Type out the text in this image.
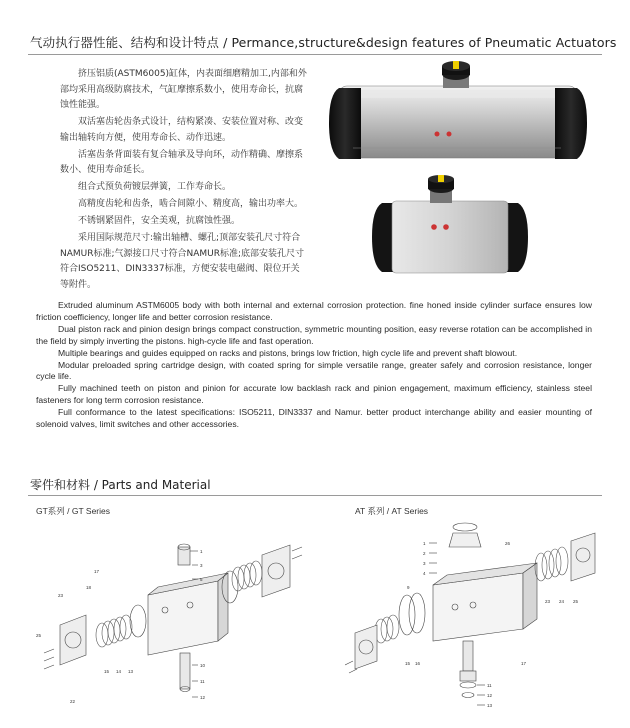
气动执行器性能、结构和设计特点 / Permance,structure&design features of Pneumatic Actuators

挤压铝质(ASTM6005)缸体，内表面细磨精加工,内部和外部均采用高级防腐技术，气缸摩擦系数小，使用寿命长，抗腐蚀性能强。

双活塞齿轮齿条式设计，结构紧凑、安装位置对称、改变输出轴转向方便，使用寿命长、动作迅速。

活塞齿条背面装有复合轴承及导向环，动作精确、摩擦系数小、使用寿命延长。

组合式预负荷镀层弹簧，工作寿命长。

高精度齿轮和齿条，啮合间隙小、精度高，输出功率大。

不锈钢紧固件，安全美观，抗腐蚀性强。

采用国际规范尺寸:输出轴槽、螺孔;顶部安装孔尺寸符合NAMUR标准;气源接口尺寸符合NAMUR标准;底部安装孔尺寸符合ISO5211、DIN3337标准，方便安装电磁阀、限位开关等附件。

Extruded aluminum ASTM6005 body with both internal and external corrosion protection. fine honed inside cylinder surface ensures low friction coefficiency, longer life and better corrosion resistance.

Dual piston rack and pinion design brings compact construction, symmetric mounting position, easy reverse rotation can be accomplished in the field by simply inverting the pistons. high-cycle life and fast operation.

Multiple bearings and guides equipped on racks and pistons, brings low friction, high cycle life and prevent shaft blowout.

Modular preloaded spring cartridge design, with coated spring for simple versatile range, greater safely and corrosion resistance, longer cycle life.

Fully machined teeth on piston and pinion for accurate low backlash rack and pinion engagement, maximum efficiency, stainless steel fasteners for long term corrosion resistance.

Full conformance to the latest specifications: ISO5211, DIN3337 and Namur. better product interchange ability and easier mounting of solenoid valves, limit switches and other accessories.

零件和材料 / Parts and Material
GT系列 / GT Series	AT 系列 / AT Series
1
3
5
10
11
12
13
14
15
17
18
23
22
25
1
2
3
4
11
12
13
15 16	17
23 24 25
26
9
